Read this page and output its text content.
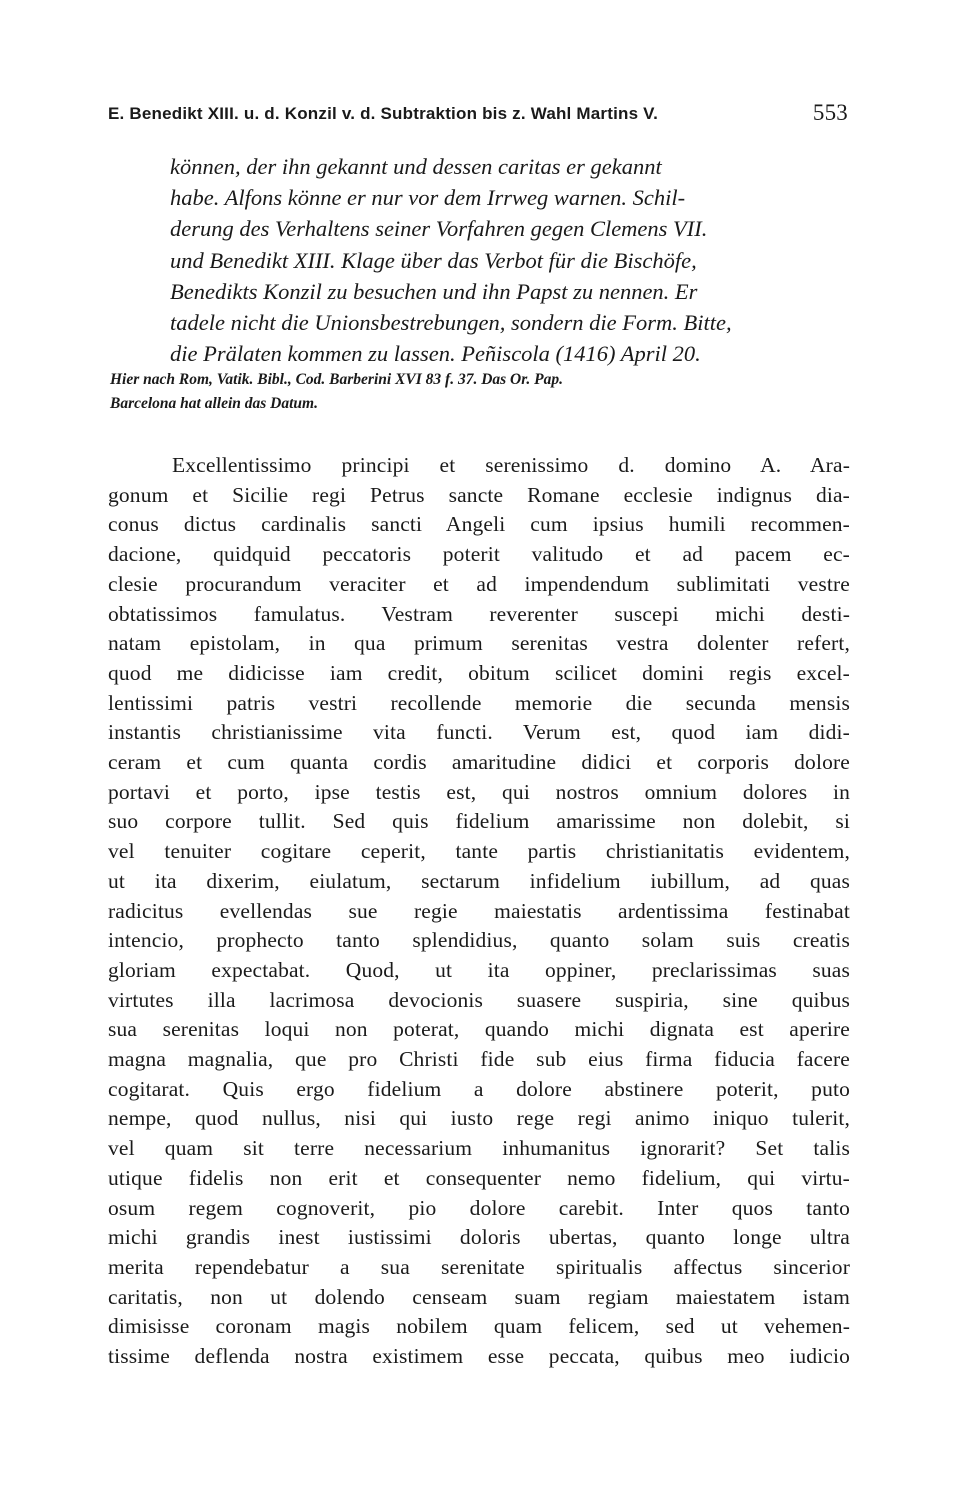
E. Benedikt XIII. u. d. Konzil v. d. Subtraktion bis z. Wahl Martins V.	553
können, der ihn gekannt und dessen caritas er gekannt
habe. Alfons könne er nur vor dem Irrweg warnen. Schil-
derung des Verhaltens seiner Vorfahren gegen Clemens VII.
und Benedikt XIII. Klage über das Verbot für die Bischöfe,
Benedikts Konzil zu besuchen und ihn Papst zu nennen. Er
tadele nicht die Unionsbestrebungen, sondern die Form. Bitte,
die Prälaten kommen zu lassen. Peñiscola (1416) April 20.
Hier nach Rom, Vatik. Bibl., Cod. Barberini XVI 83 f. 37. Das Or. Pap.
Barcelona hat allein das Datum.
Excellentissimo principi et serenissimo d. domino A. Ara-
gonum et Sicilie regi Petrus sancte Romane ecclesie indignus dia-
conus dictus cardinalis sancti Angeli cum ipsius humili recommen-
dacione, quidquid peccatoris poterit valitudo et ad pacem ec-
clesie procurandum veraciter et ad impendendum sublimitati vestre
obtatissimos famulatus. Vestram reverenter suscepi michi desti-
natam epistolam, in qua primum serenitas vestra dolenter refert,
quod me didicisse iam credit, obitum scilicet domini regis excel-
lentissimi patris vestri recollende memorie die secunda mensis
instantis christianissime vita functi. Verum est, quod iam didi-
ceram et cum quanta cordis amaritudine didici et corporis dolore
portavi et porto, ipse testis est, qui nostros omnium dolores in
suo corpore tullit. Sed quis fidelium amarissime non dolebit, si
vel tenuiter cogitare ceperit, tante partis christianitatis evidentem,
ut ita dixerim, eiulatum, sectarum infidelium iubillum, ad quas
radicitus evellendas sue regie maiestatis ardentissima festinabat
intencio, prophecto tanto splendidius, quanto solam suis creatis
gloriam expectabat. Quod, ut ita oppiner, preclarissimas suas
virtutes illa lacrimosa devocionis suasere suspiria, sine quibus
sua serenitas loqui non poterat, quando michi dignata est aperire
magna magnalia, que pro Christi fide sub eius firma fiducia facere
cogitarat. Quis ergo fidelium a dolore abstinere poterit, puto
nempe, quod nullus, nisi qui iusto rege regi animo iniquo tulerit,
vel quam sit terre necessarium inhumanitus ignorarit? Set talis
utique fidelis non erit et consequenter nemo fidelium, qui virtu-
osum regem cognoverit, pio dolore carebit. Inter quos tanto
michi grandis inest iustissimi doloris ubertas, quanto longe ultra
merita rependebatur a sua serenitate spiritualis affectus sincerior
caritatis, non ut dolendo censeam suam regiam maiestatem istam
dimisisse coronam magis nobilem quam felicem, sed ut vehemen-
tissime deflenda nostra existimem esse peccata, quibus meo iudicio
